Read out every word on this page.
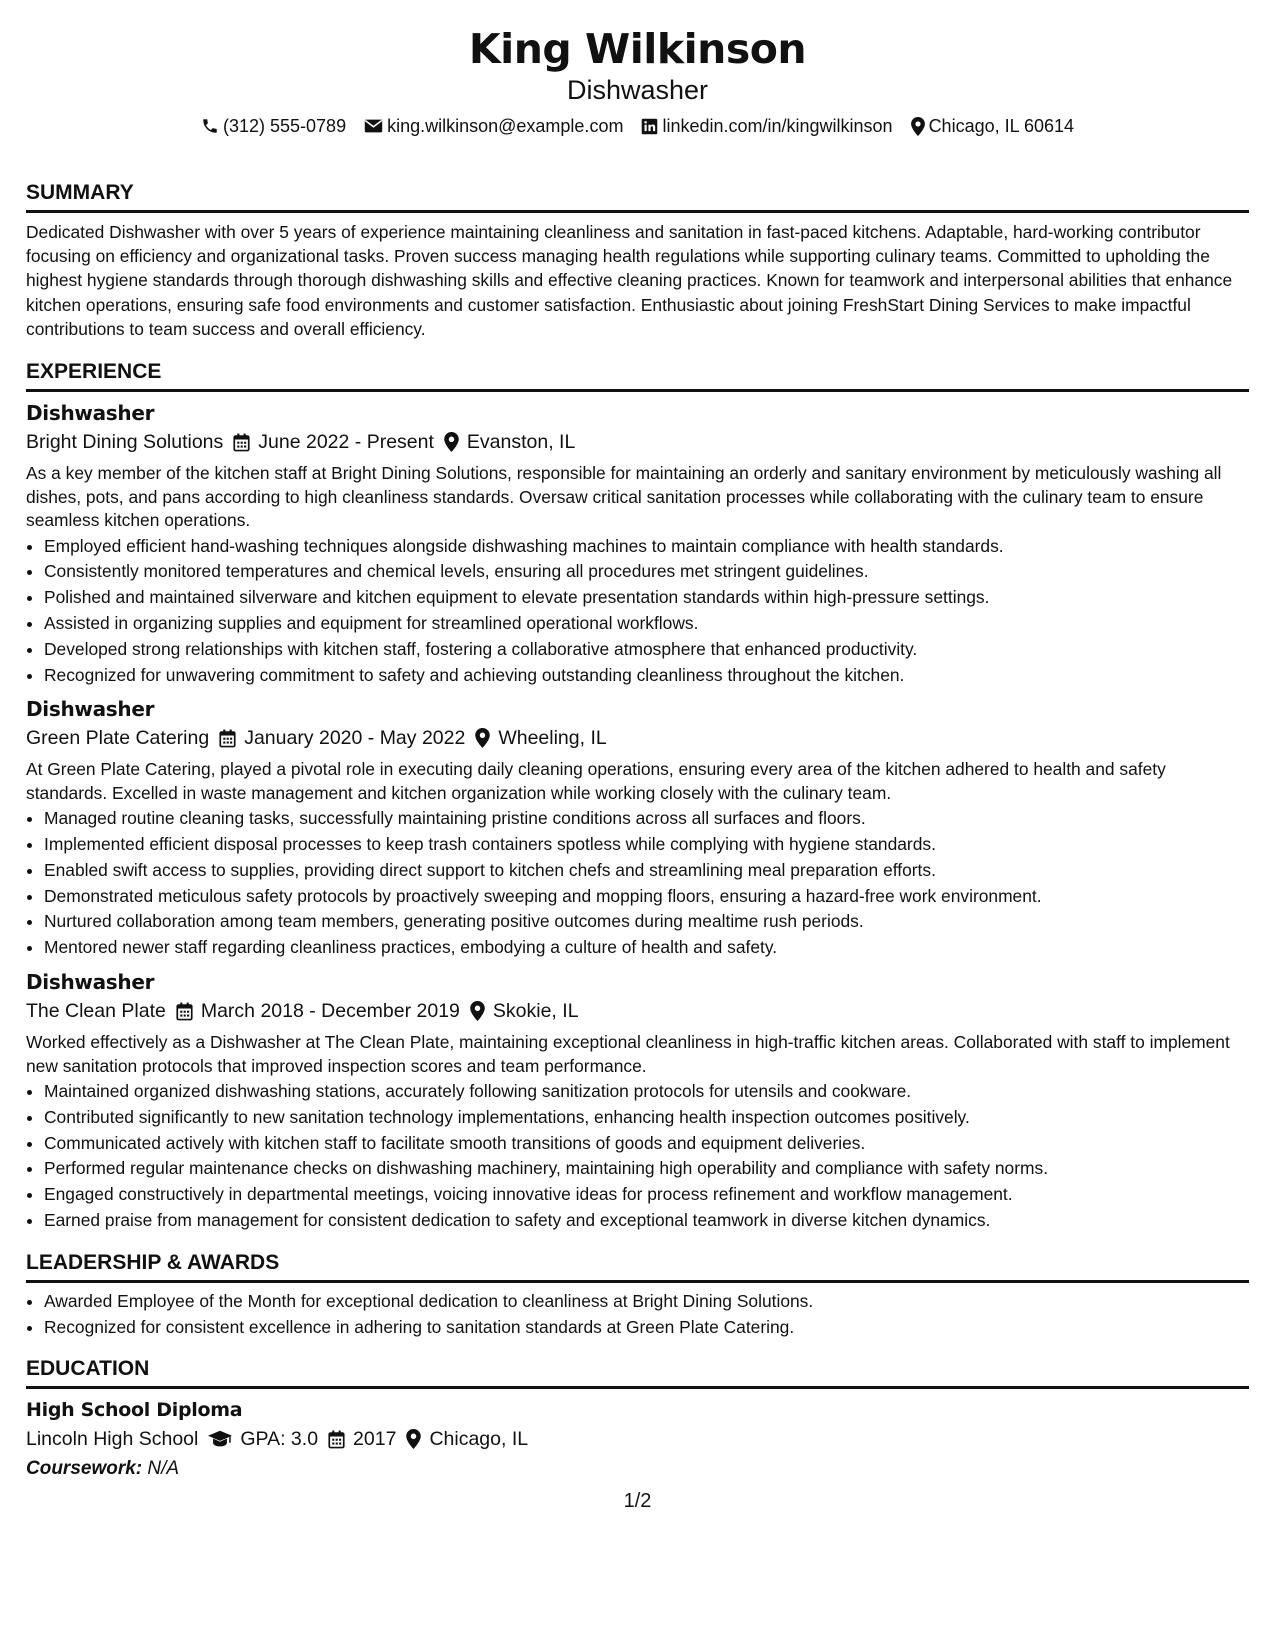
King Wilkinson
Dishwasher
(312) 555-0789 king.wilkinson@example.com linkedin.com/in/kingwilkinson Chicago, IL 60614
SUMMARY
Dedicated Dishwasher with over 5 years of experience maintaining cleanliness and sanitation in fast-paced kitchens. Adaptable, hard-working contributor focusing on efficiency and organizational tasks. Proven success managing health regulations while supporting culinary teams. Committed to upholding the highest hygiene standards through thorough dishwashing skills and effective cleaning practices. Known for teamwork and interpersonal abilities that enhance kitchen operations, ensuring safe food environments and customer satisfaction. Enthusiastic about joining FreshStart Dining Services to make impactful contributions to team success and overall efficiency.
EXPERIENCE
Dishwasher
Bright Dining Solutions June 2022 - Present Evanston, IL
As a key member of the kitchen staff at Bright Dining Solutions, responsible for maintaining an orderly and sanitary environment by meticulously washing all dishes, pots, and pans according to high cleanliness standards. Oversaw critical sanitation processes while collaborating with the culinary team to ensure seamless kitchen operations.
• Employed efficient hand-washing techniques alongside dishwashing machines to maintain compliance with health standards.
• Consistently monitored temperatures and chemical levels, ensuring all procedures met stringent guidelines.
• Polished and maintained silverware and kitchen equipment to elevate presentation standards within high-pressure settings.
• Assisted in organizing supplies and equipment for streamlined operational workflows.
• Developed strong relationships with kitchen staff, fostering a collaborative atmosphere that enhanced productivity.
• Recognized for unwavering commitment to safety and achieving outstanding cleanliness throughout the kitchen.
Dishwasher
Green Plate Catering January 2020 - May 2022 Wheeling, IL
At Green Plate Catering, played a pivotal role in executing daily cleaning operations, ensuring every area of the kitchen adhered to health and safety standards. Excelled in waste management and kitchen organization while working closely with the culinary team.
• Managed routine cleaning tasks, successfully maintaining pristine conditions across all surfaces and floors.
• Implemented efficient disposal processes to keep trash containers spotless while complying with hygiene standards.
• Enabled swift access to supplies, providing direct support to kitchen chefs and streamlining meal preparation efforts.
• Demonstrated meticulous safety protocols by proactively sweeping and mopping floors, ensuring a hazard-free work environment.
• Nurtured collaboration among team members, generating positive outcomes during mealtime rush periods.
• Mentored newer staff regarding cleanliness practices, embodying a culture of health and safety.
Dishwasher
The Clean Plate March 2018 - December 2019 Skokie, IL
Worked effectively as a Dishwasher at The Clean Plate, maintaining exceptional cleanliness in high-traffic kitchen areas. Collaborated with staff to implement new sanitation protocols that improved inspection scores and team performance.
• Maintained organized dishwashing stations, accurately following sanitization protocols for utensils and cookware.
• Contributed significantly to new sanitation technology implementations, enhancing health inspection outcomes positively.
• Communicated actively with kitchen staff to facilitate smooth transitions of goods and equipment deliveries.
• Performed regular maintenance checks on dishwashing machinery, maintaining high operability and compliance with safety norms.
• Engaged constructively in departmental meetings, voicing innovative ideas for process refinement and workflow management.
• Earned praise from management for consistent dedication to safety and exceptional teamwork in diverse kitchen dynamics.
LEADERSHIP & AWARDS
• Awarded Employee of the Month for exceptional dedication to cleanliness at Bright Dining Solutions.
• Recognized for consistent excellence in adhering to sanitation standards at Green Plate Catering.
EDUCATION
High School Diploma
Lincoln High School GPA: 3.0 2017 Chicago, IL
Coursework: N/A
1/2
